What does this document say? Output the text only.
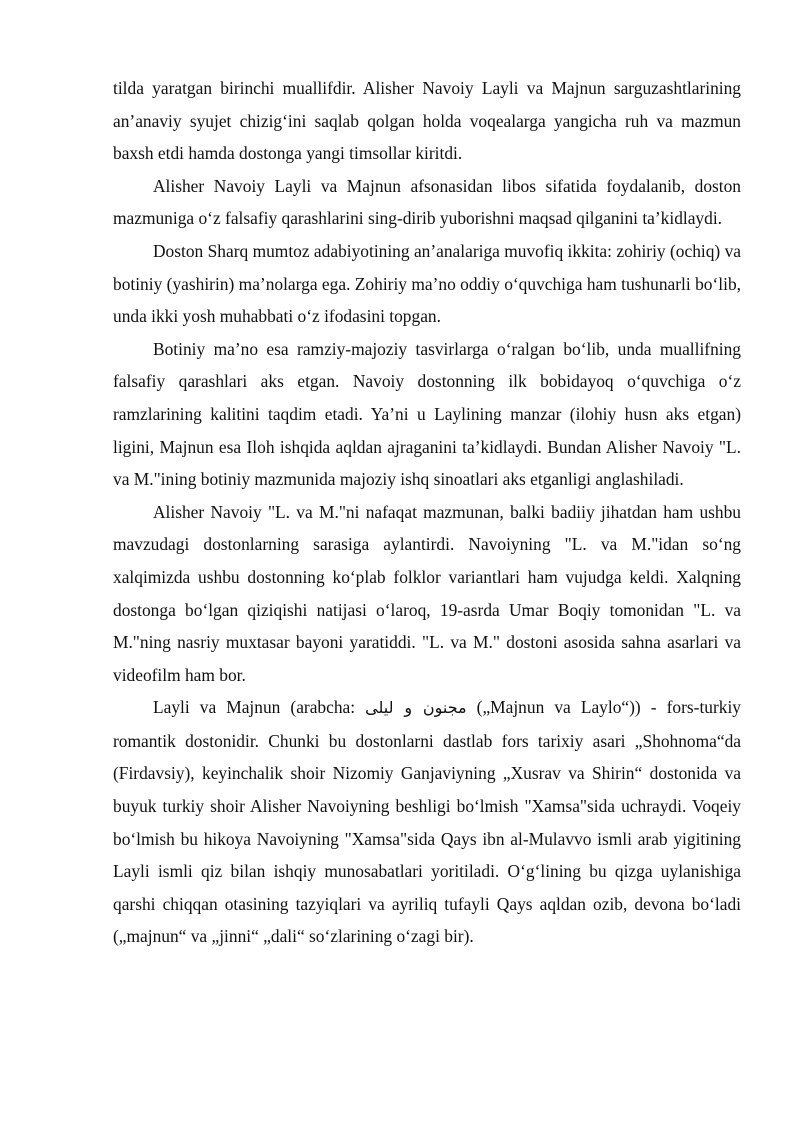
tilda yaratgan birinchi muallifdir. Alisher Navoiy Layli va Majnun sarguzashtlarining an’anaviy syujet chizig‘ini saqlab qolgan holda voqealarga yangicha ruh va mazmun baxsh etdi hamda dostonga yangi timsollar kiritdi.

Alisher Navoiy Layli va Majnun afsonasidan libos sifatida foydalanib, doston mazmuniga o‘z falsafiy qarashlarini sing-dirib yuborishni maqsad qilganini ta’kidlaydi.

Doston Sharq mumtoz adabiyotining an’analariga muvofiq ikkita: zohiriy (ochiq) va botiniy (yashirin) ma’nolarga ega. Zohiriy ma’no oddiy o‘quvchiga ham tushunarli bo‘lib, unda ikki yosh muhabbati o‘z ifodasini topgan.

Botiniy ma’no esa ramziy-majoziy tasvirlarga o‘ralgan bo‘lib, unda muallifning falsafiy qarashlari aks etgan. Navoiy dostonning ilk bobidayoq o‘quvchiga o‘z ramzlarining kalitini taqdim etadi. Ya’ni u Laylining manzar (ilohiy husn aks etgan) ligini, Majnun esa Iloh ishqida aqldan ajraganini ta’kidlaydi. Bundan Alisher Navoiy "L. va M."ining botiniy mazmunida majoziy ishq sinoatlari aks etganligi anglashiladi.

Alisher Navoiy "L. va M."ni nafaqat mazmunan, balki badiiy jihatdan ham ushbu mavzudagi dostonlarning sarasiga aylantirdi. Navoiyning "L. va M."idan so‘ng xalqimizda ushbu dostonning ko‘plab folklor variantlari ham vujudga keldi. Xalqning dostonga bo‘lgan qiziqishi natijasi o‘laroq, 19-asrda Umar Boqiy tomonidan "L. va M."ning nasriy muxtasar bayoni yaratiddi. "L. va M." dostoni asosida sahna asarlari va videofilm ham bor.

Layli va Majnun (arabcha: مجنون و ليلى („Majnun va Laylo“)) - fors-turkiy romantik dostonidir. Chunki bu dostonlarni dastlab fors tarixiy asari „Shohnoma“da (Firdavsiy), keyinchalik shoir Nizomiy Ganjaviyning „Xusrav va Shirin“ dostonida va buyuk turkiy shoir Alisher Navoiyning beshligi bo‘lmish "Xamsa"sida uchraydi. Voqeiy bo‘lmish bu hikoya Navoiyning "Xamsa"sida Qays ibn al-Mulavvo ismli arab yigitining Layli ismli qiz bilan ishqiy munosabatlari yoritiladi. O‘g‘lining bu qizga uylanishiga qarshi chiqqan otasining tazyiqlari va ayriliq tufayli Qays aqldan ozib, devona bo‘ladi („majnun“ va „jinni“ „dali“ so‘zlarining o‘zagi bir).
